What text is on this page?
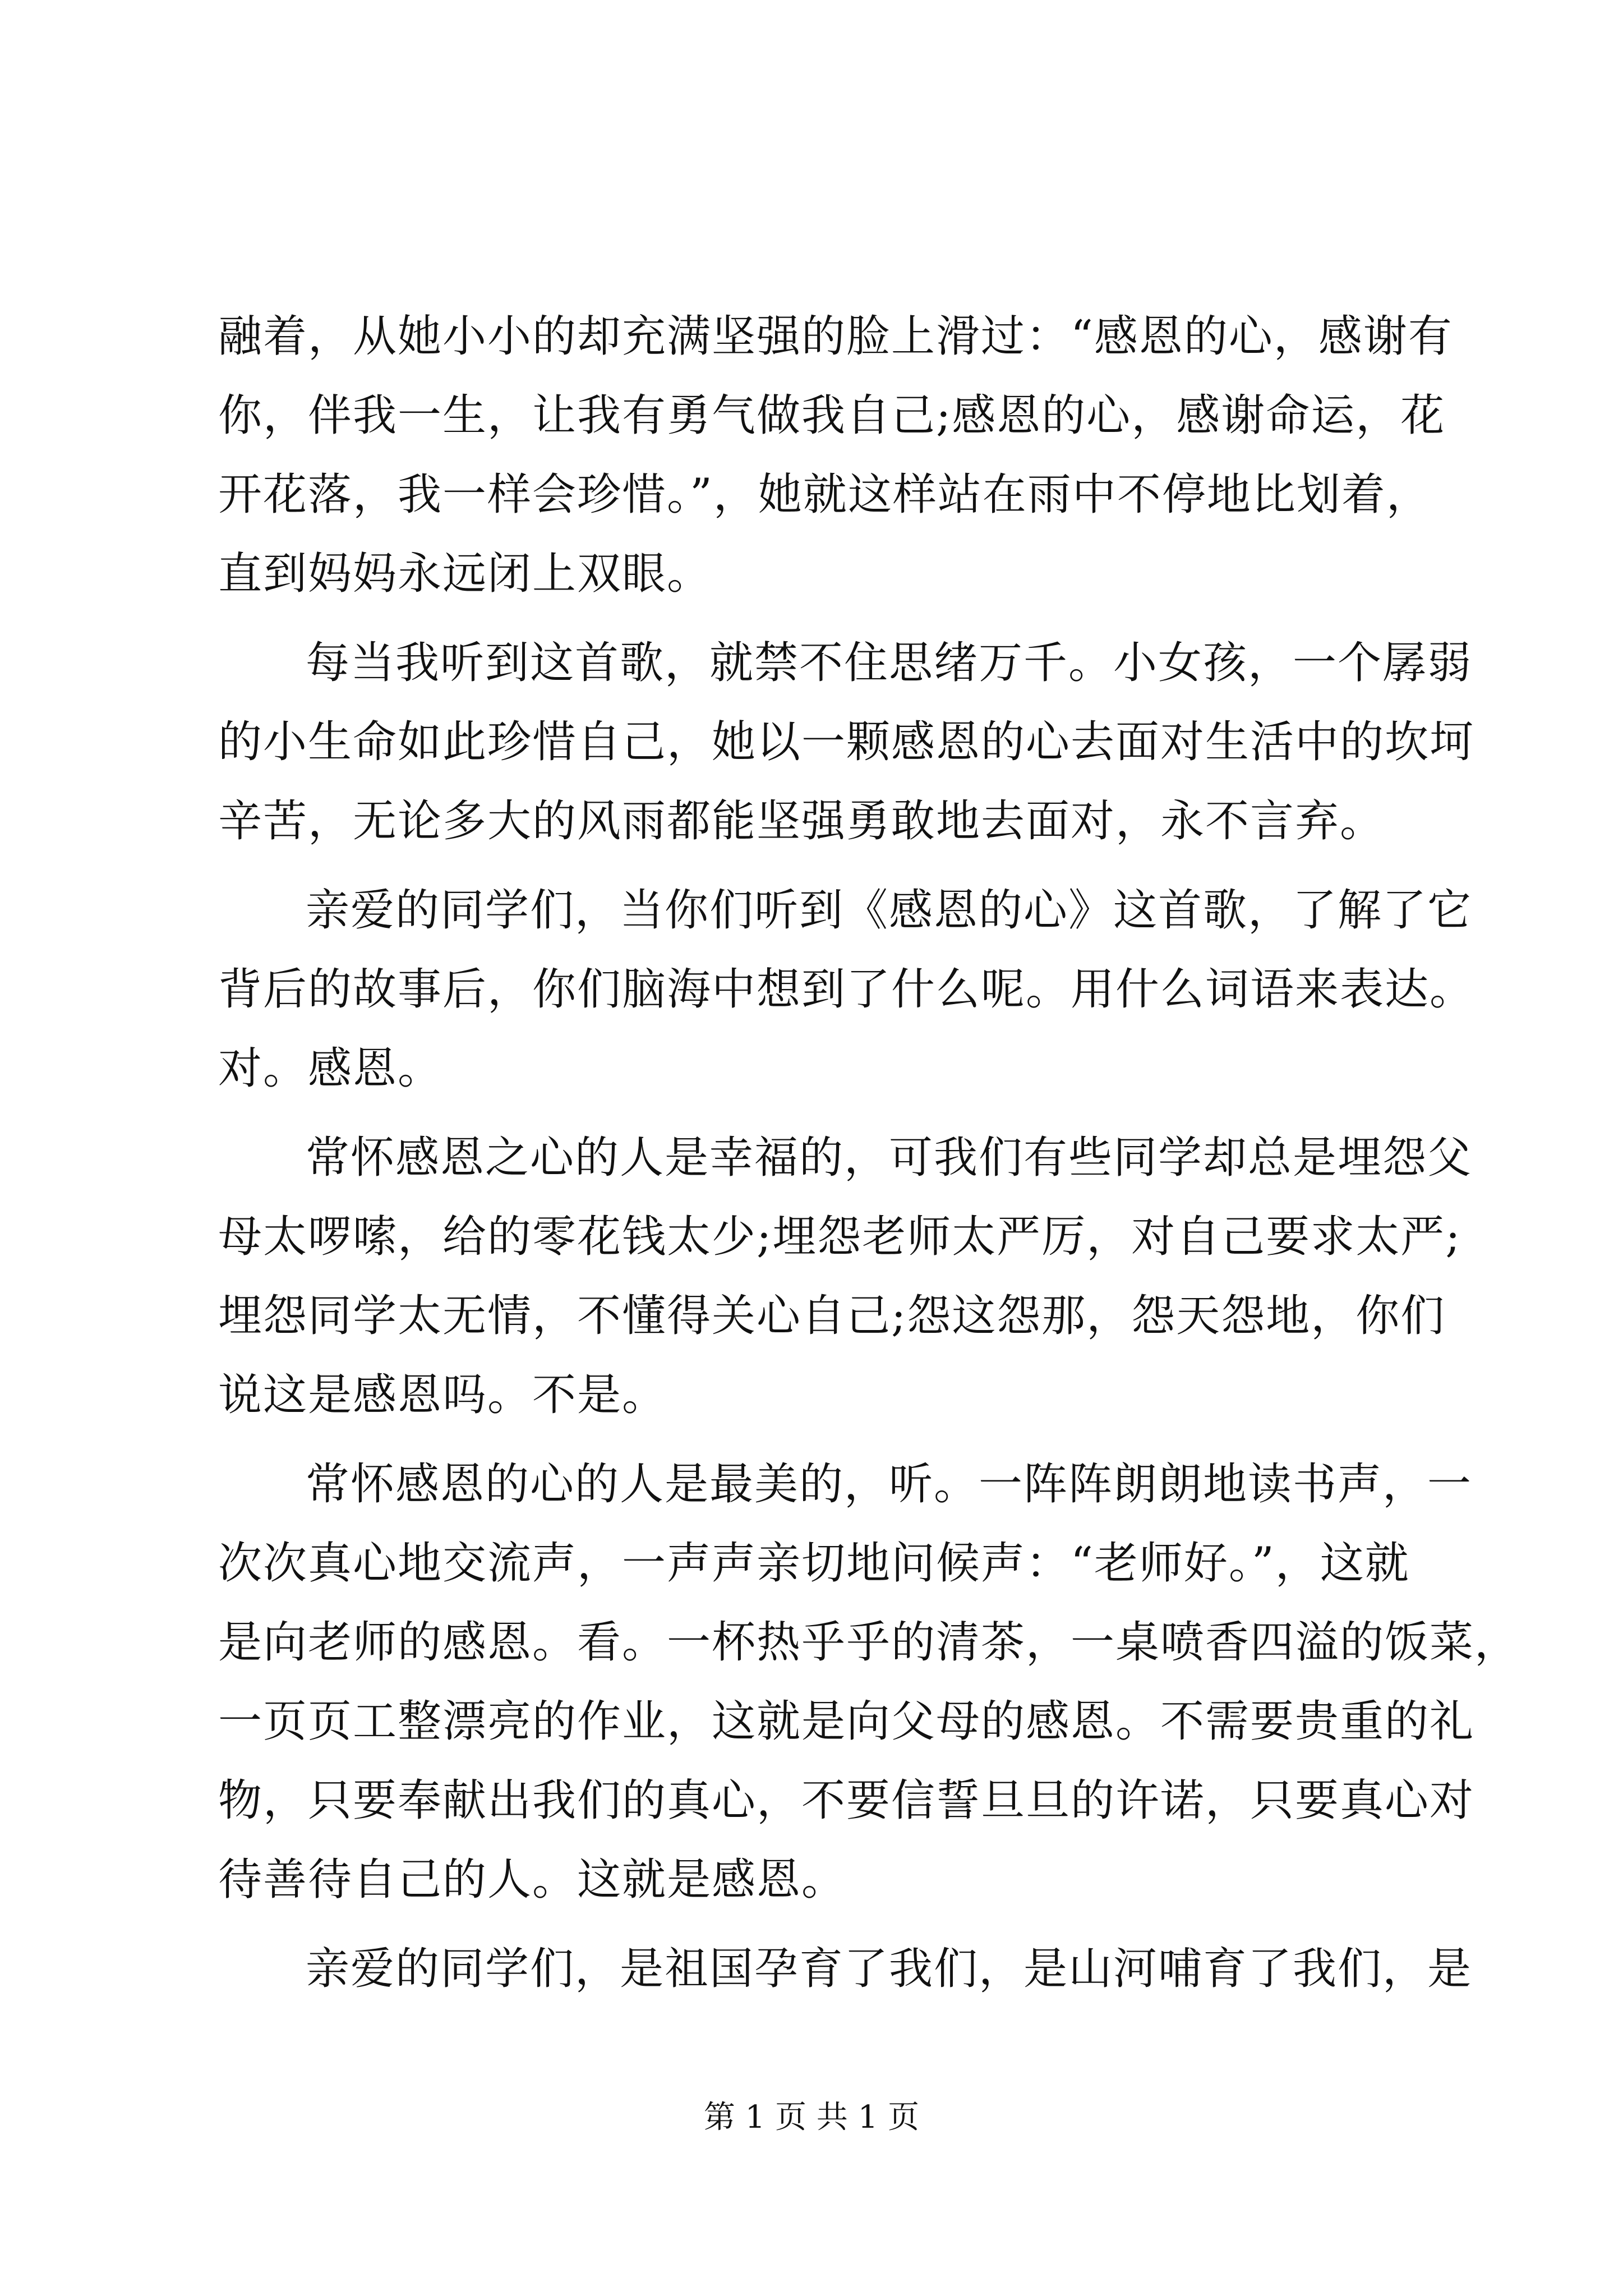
融着，从她小小的却充满坚强的脸上滑过：“感恩的心，感谢有
你，伴我一生，让我有勇气做我自己;感恩的心，感谢命运，花
开花落，我一样会珍惜。”，她就这样站在雨中不停地比划着，
直到妈妈永远闭上双眼。
每当我听到这首歌，就禁不住思绪万千。小女孩，一个孱弱
的小生命如此珍惜自己，她以一颗感恩的心去面对生活中的坎坷
辛苦，无论多大的风雨都能坚强勇敢地去面对，永不言弃。
亲爱的同学们，当你们听到《感恩的心》这首歌，了解了它
背后的故事后，你们脑海中想到了什么呢。用什么词语来表达。
对。感恩。
常怀感恩之心的人是幸福的，可我们有些同学却总是埋怨父
母太啰嗦，给的零花钱太少;埋怨老师太严厉，对自己要求太严;
埋怨同学太无情，不懂得关心自己;怨这怨那，怨天怨地，你们
说这是感恩吗。不是。
常怀感恩的心的人是最美的，听。一阵阵朗朗地读书声，一
次次真心地交流声，一声声亲切地问候声：“老师好。”，这就
是向老师的感恩。看。一杯热乎乎的清茶，一桌喷香四溢的饭菜，
一页页工整漂亮的作业，这就是向父母的感恩。不需要贵重的礼
物，只要奉献出我们的真心，不要信誓旦旦的许诺，只要真心对
待善待自己的人。这就是感恩。
亲爱的同学们，是祖国孕育了我们，是山河哺育了我们，是
第 1 页 共 1 页
